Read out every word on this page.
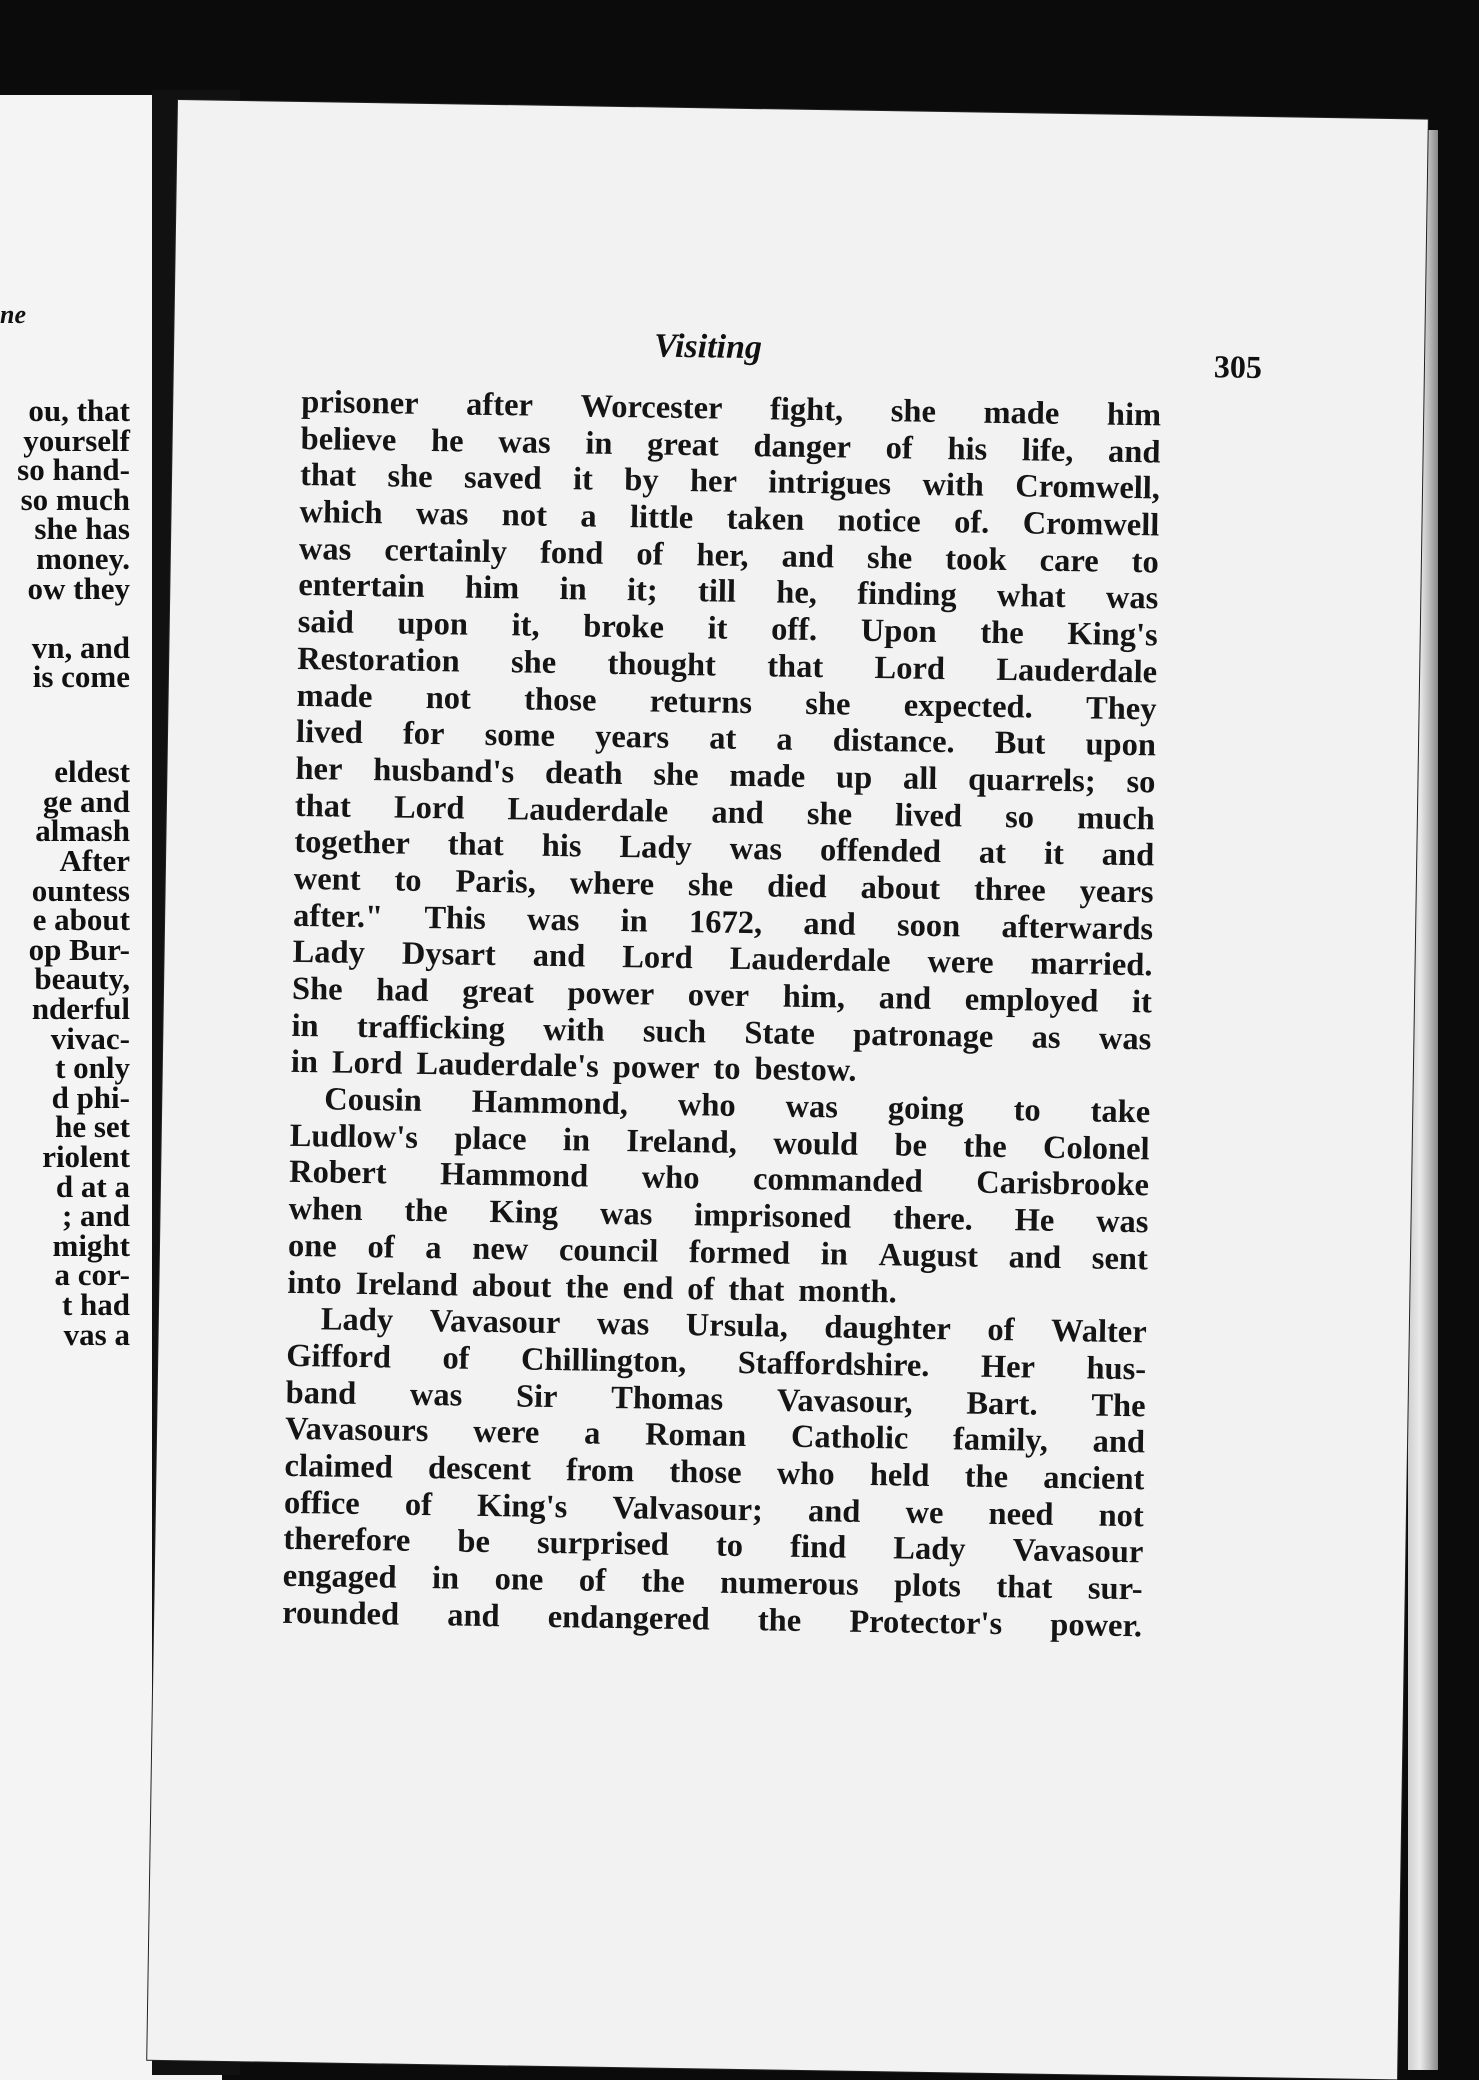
ne
ou, that
yourself
so hand-
so much
she has
money.
ow they
vn, and
is come
eldest
ge and
almash
After
ountess
e about
op Bur-
beauty,
nderful
vivac-
t only
d phi-
he set
riolent
d at a
; and
might
a cor-
t had
vas a
Visiting
305
prisoner after Worcester fight, she made him
believe he was in great danger of his life, and
that she saved it by her intrigues with Cromwell,
which was not a little taken notice of. Cromwell
was certainly fond of her, and she took care to
entertain him in it; till he, finding what was
said upon it, broke it off. Upon the King's
Restoration she thought that Lord Lauderdale
made not those returns she expected. They
lived for some years at a distance. But upon
her husband's death she made up all quarrels; so
that Lord Lauderdale and she lived so much
together that his Lady was offended at it and
went to Paris, where she died about three years
after." This was in 1672, and soon afterwards
Lady Dysart and Lord Lauderdale were married.
She had great power over him, and employed it
in trafficking with such State patronage as was
in Lord Lauderdale's power to bestow.
Cousin Hammond, who was going to take
Ludlow's place in Ireland, would be the Colonel
Robert Hammond who commanded Carisbrooke
when the King was imprisoned there. He was
one of a new council formed in August and sent
into Ireland about the end of that month.
Lady Vavasour was Ursula, daughter of Walter
Gifford of Chillington, Staffordshire. Her hus-
band was Sir Thomas Vavasour, Bart. The
Vavasours were a Roman Catholic family, and
claimed descent from those who held the ancient
office of King's Valvasour; and we need not
therefore be surprised to find Lady Vavasour
engaged in one of the numerous plots that sur-
rounded and endangered the Protector's power.
